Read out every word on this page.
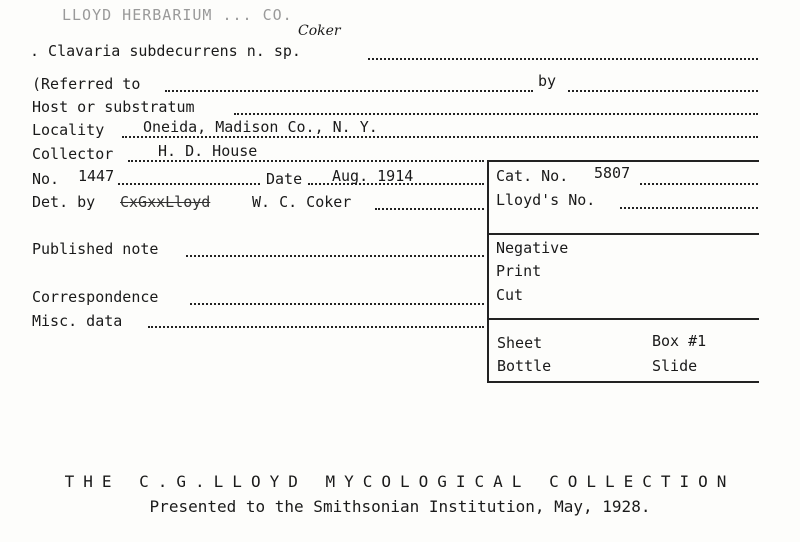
LLOYD HERBARIUM ... CO.
Coker
. Clavaria subdecurrens n. sp.
(Referred to	by
Host or substratum
Locality	Oneida, Madison Co., N. Y.
Collector	H. D. House
No. 1447	Date Aug. 1914
Det. by CxGxxLloyd	W. C. Coker
Published note
Correspondence
Misc. data
Cat. No. 5807
Lloyd's No.
Negative
Print
Cut
Sheet	Box #1
Bottle	Slide
THE C.G.LLOYD MYCOLOGICAL COLLECTION
Presented to the Smithsonian Institution, May, 1928.
